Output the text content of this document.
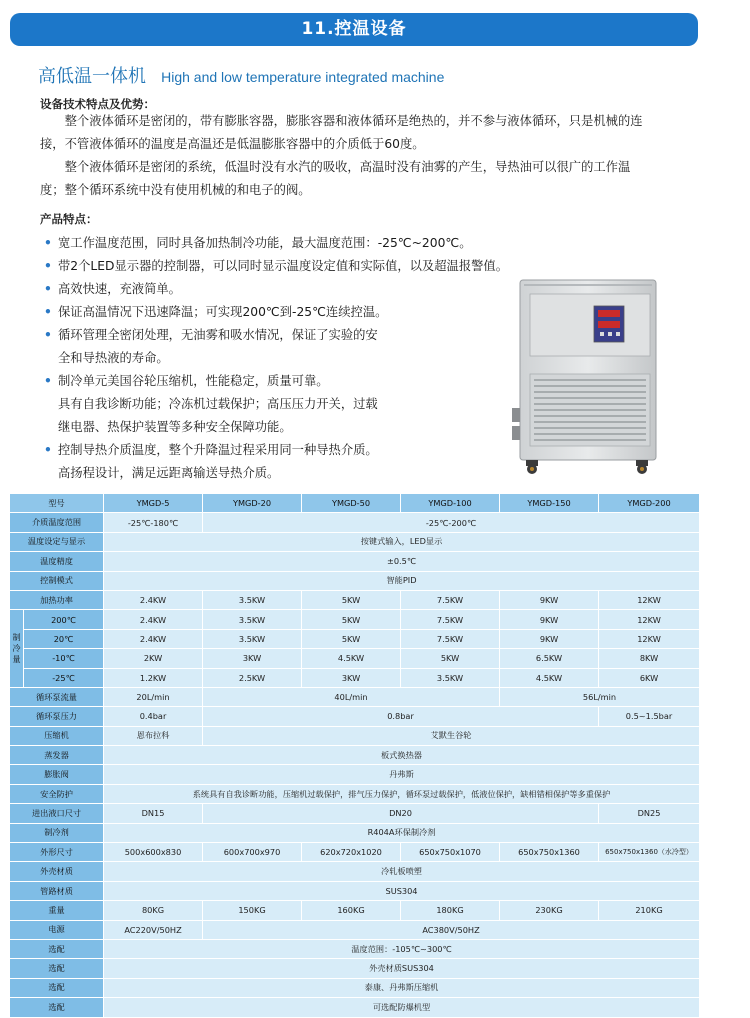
11.控温设备
高低温一体机 High and low temperature integrated machine
设备技术特点及优势：

整个液体循环是密闭的，带有膨胀容器，膨胀容器和液体循环是绝热的，并不参与液体循环，只是机械的连接，不管液体循环的温度是高温还是低温膨胀容器中的介质低于60度。

整个液体循环是密闭的系统，低温时没有水汽的吸收，高温时没有油雾的产生，导热油可以很广的工作温度；整个循环系统中没有使用机械的和电子的阀。

产品特点：
• 宽工作温度范围，同时具备加热制冷功能，最大温度范围：-25℃~200℃。
• 带2个LED显示器的控制器，可以同时显示温度设定值和实际值，以及超温报警值。
• 高效快速，充液简单。
• 保证高温情况下迅速降温；可实现200℃到-25℃连续控温。
• 循环管理全密闭处理，无油雾和吸水情况，保证了实验的安
全和导热液的寿命。
• 制冷单元美国谷轮压缩机，性能稳定，质量可靠。
具有自我诊断功能；冷冻机过载保护；高压压力开关，过载
继电器、热保护装置等多种安全保障功能。
• 控制导热介质温度，整个升降温过程采用同一种导热介质。
高扬程设计，满足远距离输送导热介质。
型号		YMGD-5	YMGD-20	YMGD-50	YMGD-100	YMGD-150	YMGD-200
介质温度范围		-25℃-180℃	-25℃-200℃				
温度设定与显示		按键式输入，LED显示					
温度精度		±0.5℃					
控制模式		智能PID					
加热功率		2.4KW	3.5KW	5KW	7.5KW	9KW	12KW
制冷量	200℃	2.4KW	3.5KW	5KW	7.5KW	9KW	12KW
	20℃	2.4KW	3.5KW	5KW	7.5KW	9KW	12KW
	-10℃	2KW	3KW	4.5KW	5KW	6.5KW	8KW
	-25℃	1.2KW	2.5KW	3KW	3.5KW	4.5KW	6KW
循环泵流量		20L/min	40L/min			56L/min	
循环泵压力		0.4bar	0.8bar				0.5~1.5bar
压缩机		恩布拉科	艾默生谷轮				
蒸发器		板式换热器					
膨胀阀		丹弗斯					
安全防护		系统具有自我诊断功能，压缩机过载保护，排气压力保护，循环泵过载保护，低液位保护，缺相错相保护等多重保护					
进出液口尺寸		DN15	DN20				DN25
制冷剂		R404A环保制冷剂					
外形尺寸		500x600x830	600x700x970	620x720x1020	650x750x1070	650x750x1360	650x750x1360（水冷型）
外壳材质		冷轧板喷塑					
管路材质		SUS304					
重量		80KG	150KG	160KG	180KG	230KG	210KG
电源		AC220V/50HZ	AC380V/50HZ				
选配		温度范围：-105℃~300℃					
选配		外壳材质SUS304					
选配		泰康、丹弗斯压缩机					
选配		可选配防爆机型					
